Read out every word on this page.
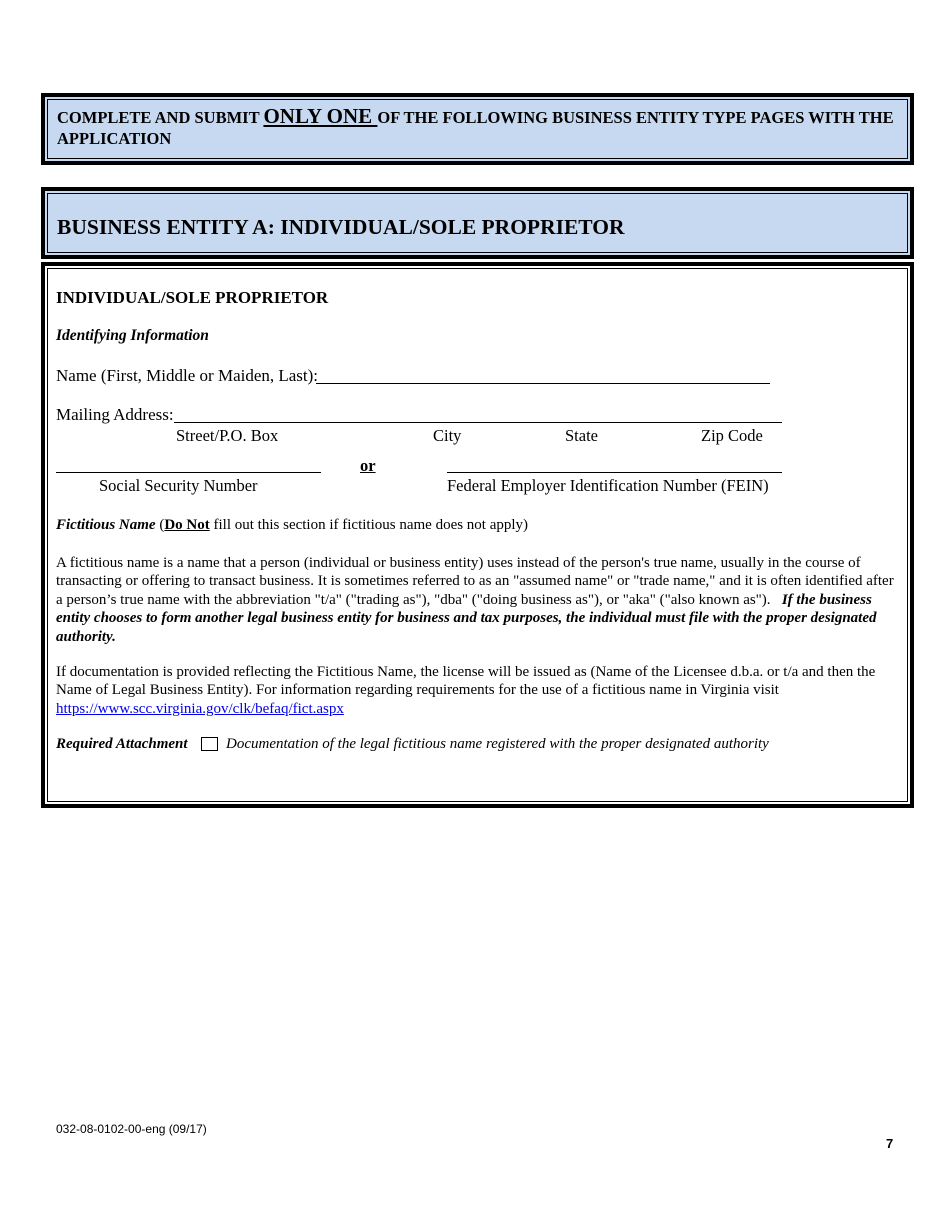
COMPLETE AND SUBMIT ONLY ONE OF THE FOLLOWING BUSINESS ENTITY TYPE PAGES WITH THE APPLICATION
BUSINESS ENTITY A: INDIVIDUAL/SOLE PROPRIETOR
INDIVIDUAL/SOLE PROPRIETOR
Identifying Information
Name (First, Middle or Maiden, Last):
Mailing Address:
Street/P.O. Box	City	State	Zip Code
or
Social Security Number	Federal Employer Identification Number (FEIN)
Fictitious Name (Do Not fill out this section if fictitious name does not apply)
A fictitious name is a name that a person (individual or business entity) uses instead of the person's true name, usually in the course of transacting or offering to transact business. It is sometimes referred to as an "assumed name" or "trade name," and it is often identified after a person’s true name with the abbreviation "t/a" ("trading as"), "dba" ("doing business as"), or "aka" ("also known as"). If the business entity chooses to form another legal business entity for business and tax purposes, the individual must file with the proper designated authority.
If documentation is provided reflecting the Fictitious Name, the license will be issued as (Name of the Licensee d.b.a. or t/a and then the Name of Legal Business Entity). For information regarding requirements for the use of a fictitious name in Virginia visit
https://www.scc.virginia.gov/clk/befaq/fict.aspx
Required Attachment	Documentation of the legal fictitious name registered with the proper designated authority
032-08-0102-00-eng (09/17)
7
